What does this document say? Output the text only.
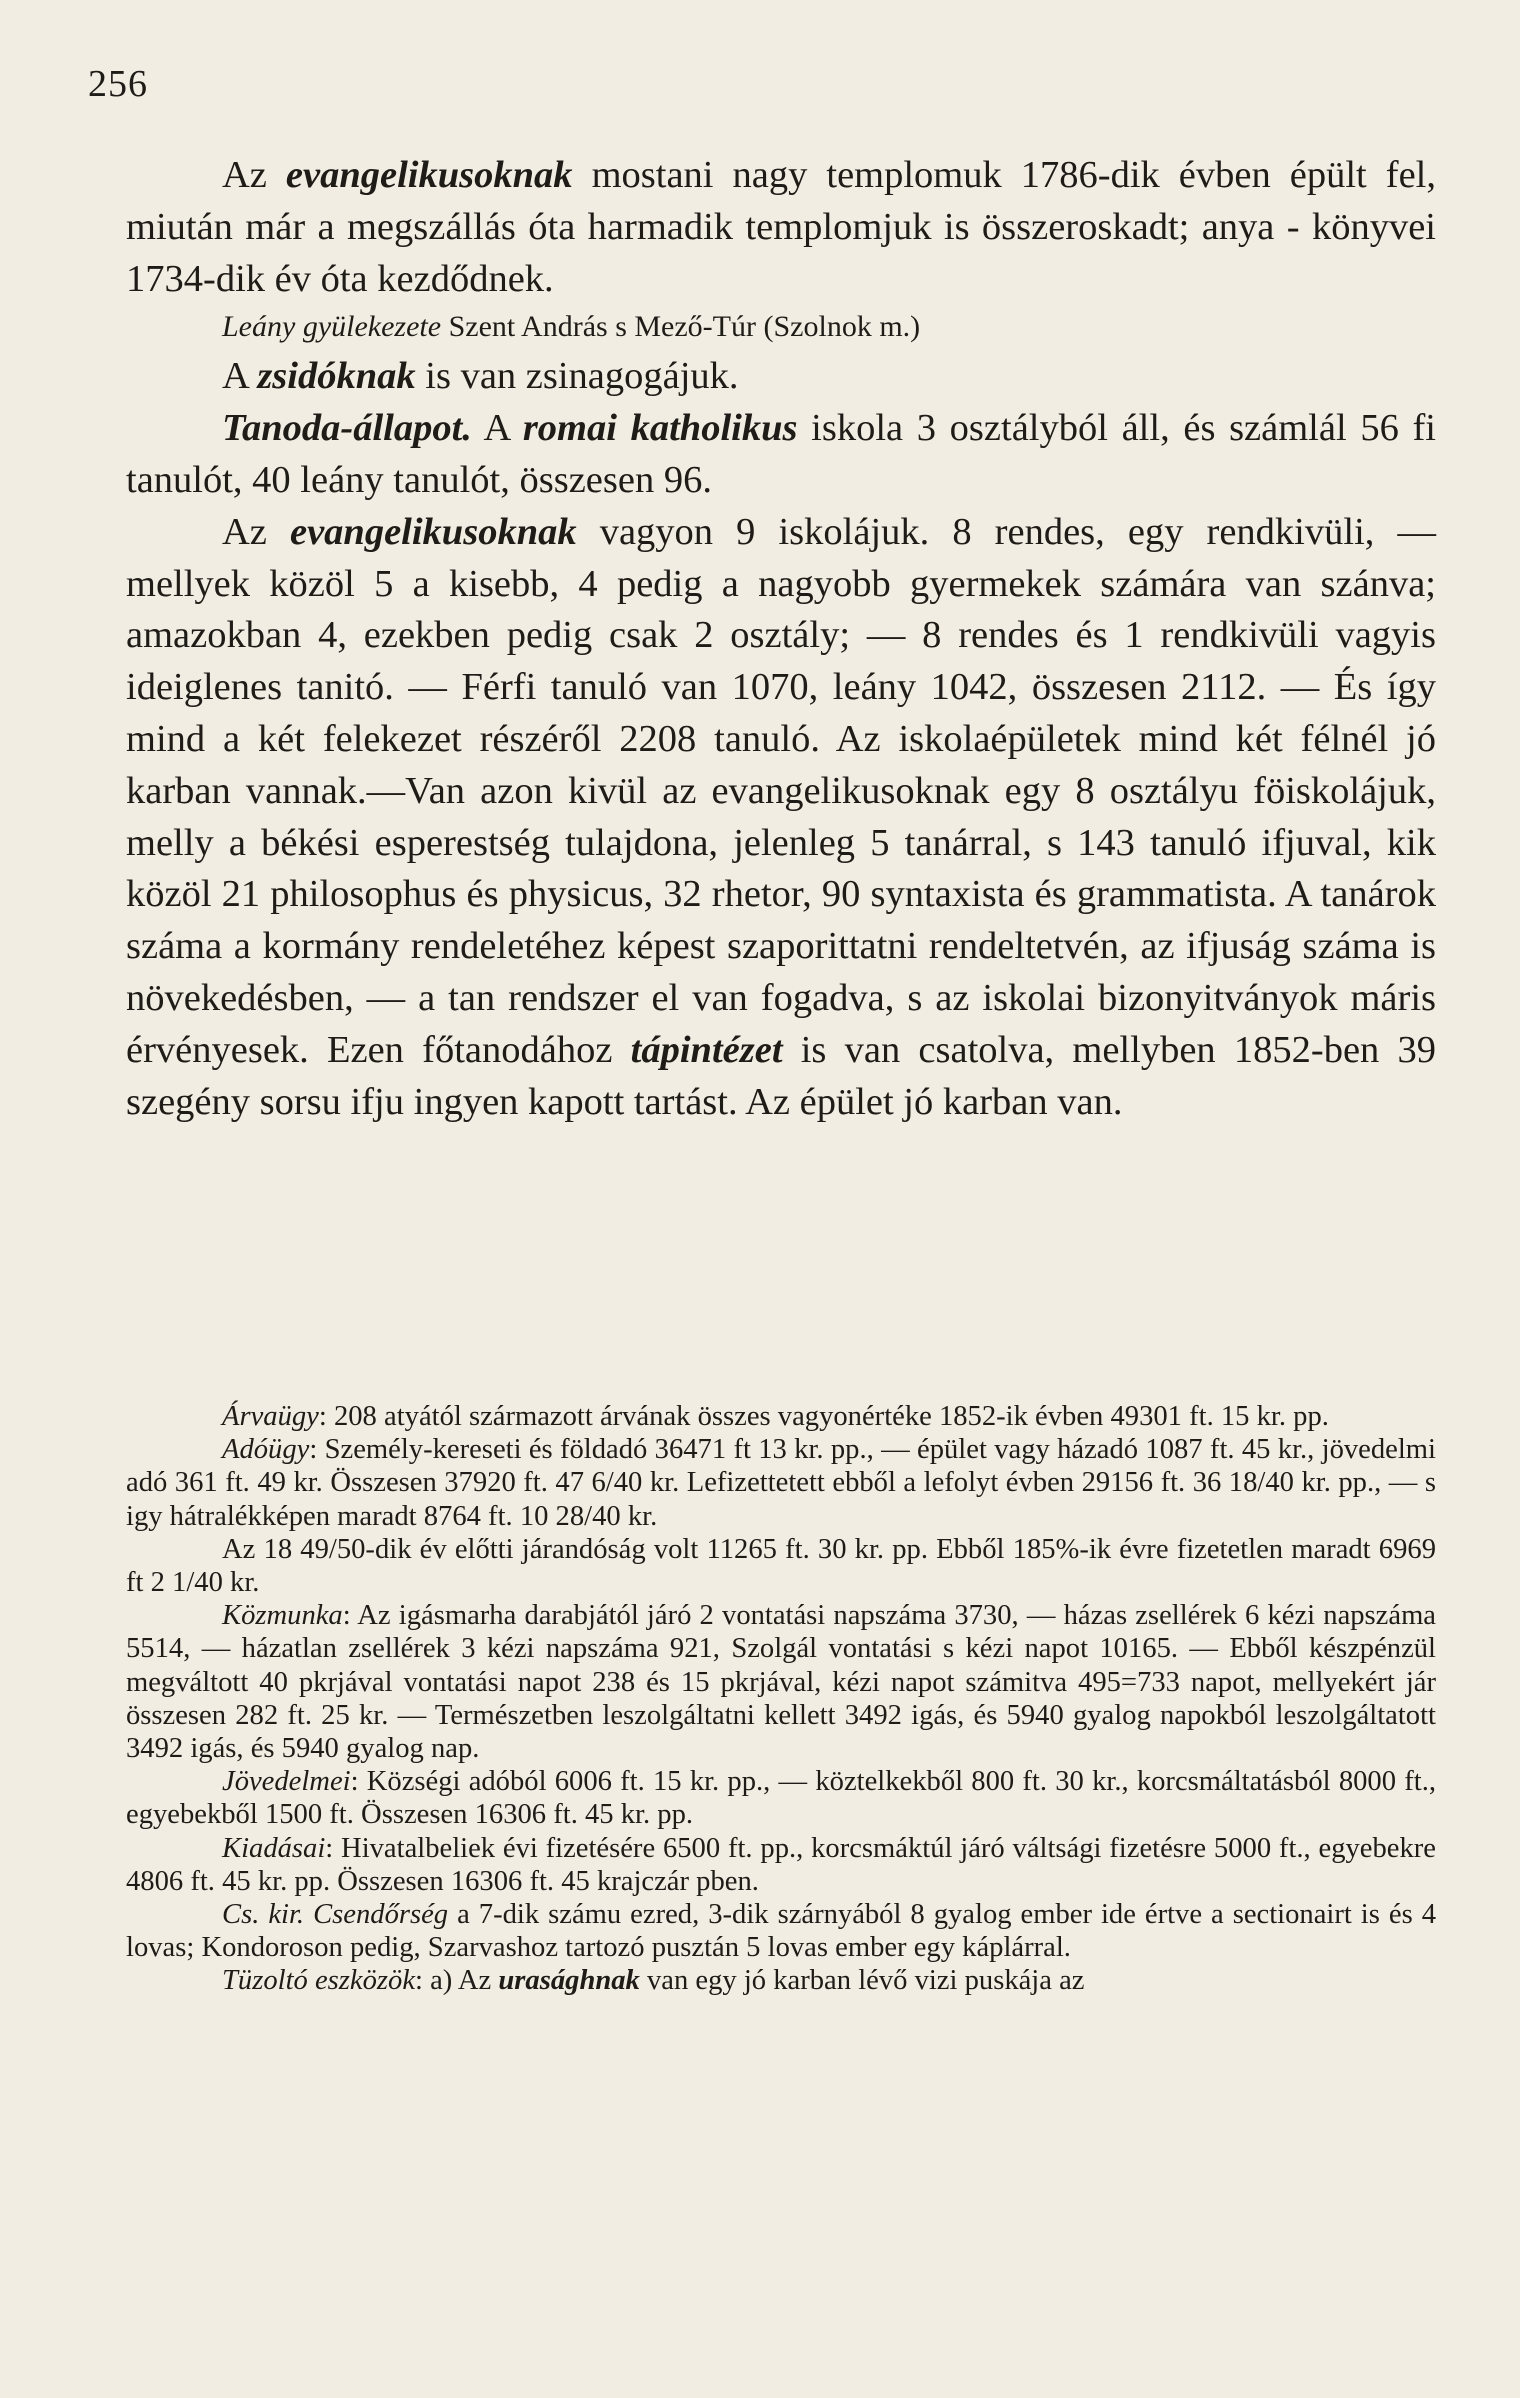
256

Az evangelikusoknak mostani nagy templomuk 1786-dik évben épült fel, miután már a megszállás óta harmadik templomjuk is összeroskadt; anya - könyvei 1734-dik év óta kezdődnek.

Leány gyülekezete Szent András s Mező-Túr (Szolnok m.)

A zsidóknak is van zsinagogájuk.

Tanoda-állapot. A romai katholikus iskola 3 osztályból áll, és számlál 56 fi tanulót, 40 leány tanulót, összesen 96.

Az evangelikusoknak vagyon 9 iskolájuk. 8 rendes, egy rendkivüli, — mellyek közöl 5 a kisebb, 4 pedig a nagyobb gyermekek számára van szánva; amazokban 4, ezekben pedig csak 2 osztály; — 8 rendes és 1 rendkivüli vagyis ideiglenes tanitó. — Férfi tanuló van 1070, leány 1042, összesen 2112. — És így mind a két felekezet részéről 2208 tanuló. Az iskolaépületek mind két félnél jó karban vannak.—Van azon kivül az evangelikusoknak egy 8 osztályu föiskolájuk, melly a békési esperestség tulajdona, jelenleg 5 tanárral, s 143 tanuló ifjuval, kik közöl 21 philosophus és physicus, 32 rhetor, 90 syntaxista és grammatista. A tanárok száma a kormány rendeletéhez képest szaporittatni rendeltetvén, az ifjuság száma is növekedésben, — a tan rendszer el van fogadva, s az iskolai bizonyitványok máris érvényesek. Ezen főtanodához tápintézet is van csatolva, mellyben 1852-ben 39 szegény sorsu ifju ingyen kapott tartást. Az épület jó karban van.

Árvaügy: 208 atyától származott árvának összes vagyonértéke 1852-ik évben 49301 ft. 15 kr. pp.

Adóügy: Személy-kereseti és földadó 36471 ft 13 kr. pp., — épület vagy házadó 1087 ft. 45 kr., jövedelmi adó 361 ft. 49 kr. Összesen 37920 ft. 47 6/40 kr. Lefizettetett ebből a lefolyt évben 29156 ft. 36 18/40 kr. pp., — s igy hátralékképen maradt 8764 ft. 10 28/40 kr.

Az 18 49/50-dik év előtti járandóság volt 11265 ft. 30 kr. pp. Ebből 185%-ik évre fizetetlen maradt 6969 ft 2 1/40 kr.

Közmunka: Az igásmarha darabjától járó 2 vontatási napszáma 3730, — házas zsellérek 6 kézi napszáma 5514, — házatlan zsellérek 3 kézi napszáma 921, Szolgál vontatási s kézi napot 10165. — Ebből készpénzül megváltott 40 pkrjával vontatási napot 238 és 15 pkrjával, kézi napot számitva 495=733 napot, mellyekért jár összesen 282 ft. 25 kr. — Természetben leszolgáltatni kellett 3492 igás, és 5940 gyalog napokból leszolgáltatott 3492 igás, és 5940 gyalog nap.

Jövedelmei: Községi adóból 6006 ft. 15 kr. pp., — köztelkekből 800 ft. 30 kr., korcsmáltatásból 8000 ft., egyebekből 1500 ft. Összesen 16306 ft. 45 kr. pp.

Kiadásai: Hivatalbeliek évi fizetésére 6500 ft. pp., korcsmáktúl járó váltsági fizetésre 5000 ft., egyebekre 4806 ft. 45 kr. pp. Összesen 16306 ft. 45 krajczár pben.

Cs. kir. Csendőrség a 7-dik számu ezred, 3-dik szárnyából 8 gyalog ember ide értve a sectionairt is és 4 lovas; Kondoroson pedig, Szarvashoz tartozó pusztán 5 lovas ember egy káplárral.

Tüzoltó eszközök: a) Az urasághnak van egy jó karban lévő vizi puskája az
